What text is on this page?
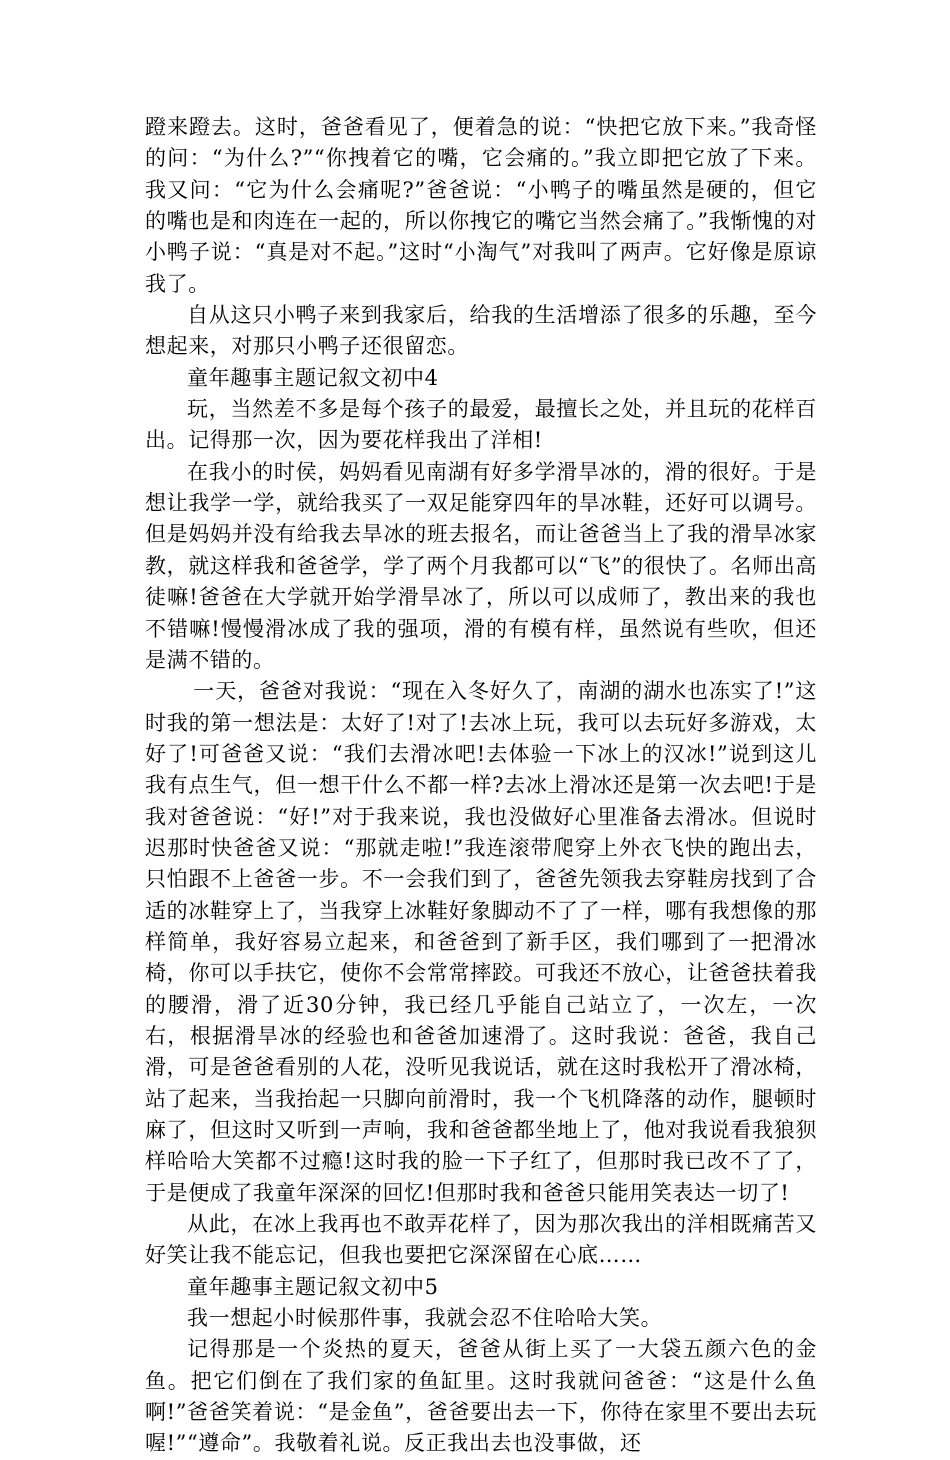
蹬来蹬去。这时，爸爸看见了，便着急的说：“快把它放下来。”我奇怪的问：“为什么?”“你拽着它的嘴，它会痛的。”我立即把它放了下来。我又问：“它为什么会痛呢?”爸爸说：“小鸭子的嘴虽然是硬的，但它的嘴也是和肉连在一起的，所以你拽它的嘴它当然会痛了。”我惭愧的对小鸭子说：“真是对不起。”这时“小淘气”对我叫了两声。它好像是原谅我了。

自从这只小鸭子来到我家后，给我的生活增添了很多的乐趣，至今想起来，对那只小鸭子还很留恋。

童年趣事主题记叙文初中4

玩，当然差不多是每个孩子的最爱，最擅长之处，并且玩的花样百出。记得那一次，因为要花样我出了洋相!

在我小的时侯，妈妈看见南湖有好多学滑旱冰的，滑的很好。于是想让我学一学，就给我买了一双足能穿四年的旱冰鞋，还好可以调号。但是妈妈并没有给我去旱冰的班去报名，而让爸爸当上了我的滑旱冰家教，就这样我和爸爸学，学了两个月我都可以“飞”的很快了。名师出高徒嘛!爸爸在大学就开始学滑旱冰了，所以可以成师了，教出来的我也不错嘛!慢慢滑冰成了我的强项，滑的有模有样，虽然说有些吹，但还是满不错的。

一天，爸爸对我说：“现在入冬好久了，南湖的湖水也冻实了!”这时我的第一想法是：太好了!对了!去冰上玩，我可以去玩好多游戏，太好了!可爸爸又说：“我们去滑冰吧!去体验一下冰上的汉冰!”说到这儿我有点生气，但一想干什么不都一样?去冰上滑冰还是第一次去吧!于是我对爸爸说：“好!”对于我来说，我也没做好心里准备去滑冰。但说时迟那时快爸爸又说：“那就走啦!”我连滚带爬穿上外衣飞快的跑出去，只怕跟不上爸爸一步。不一会我们到了，爸爸先领我去穿鞋房找到了合适的冰鞋穿上了，当我穿上冰鞋好象脚动不了了一样，哪有我想像的那样简单，我好容易立起来，和爸爸到了新手区，我们哪到了一把滑冰椅，你可以手扶它，使你不会常常摔跤。可我还不放心，让爸爸扶着我的腰滑，滑了近30分钟，我已经几乎能自己站立了，一次左，一次右，根据滑旱冰的经验也和爸爸加速滑了。这时我说：爸爸，我自己滑，可是爸爸看别的人花，没听见我说话，就在这时我松开了滑冰椅，站了起来，当我抬起一只脚向前滑时，我一个飞机降落的动作，腿顿时麻了，但这时又听到一声响，我和爸爸都坐地上了，他对我说看我狼狈样哈哈大笑都不过瘾!这时我的脸一下子红了，但那时我已改不了了，于是便成了我童年深深的回忆!但那时我和爸爸只能用笑表达一切了!

从此，在冰上我再也不敢弄花样了，因为那次我出的洋相既痛苦又好笑让我不能忘记，但我也要把它深深留在心底……

童年趣事主题记叙文初中5

我一想起小时候那件事，我就会忍不住哈哈大笑。

记得那是一个炎热的夏天，爸爸从街上买了一大袋五颜六色的金鱼。把它们倒在了我们家的鱼缸里。这时我就问爸爸：“这是什么鱼啊!”爸爸笑着说：“是金鱼”，爸爸要出去一下，你待在家里不要出去玩喔!”“遵命”。我敬着礼说。反正我出去也没事做，还
